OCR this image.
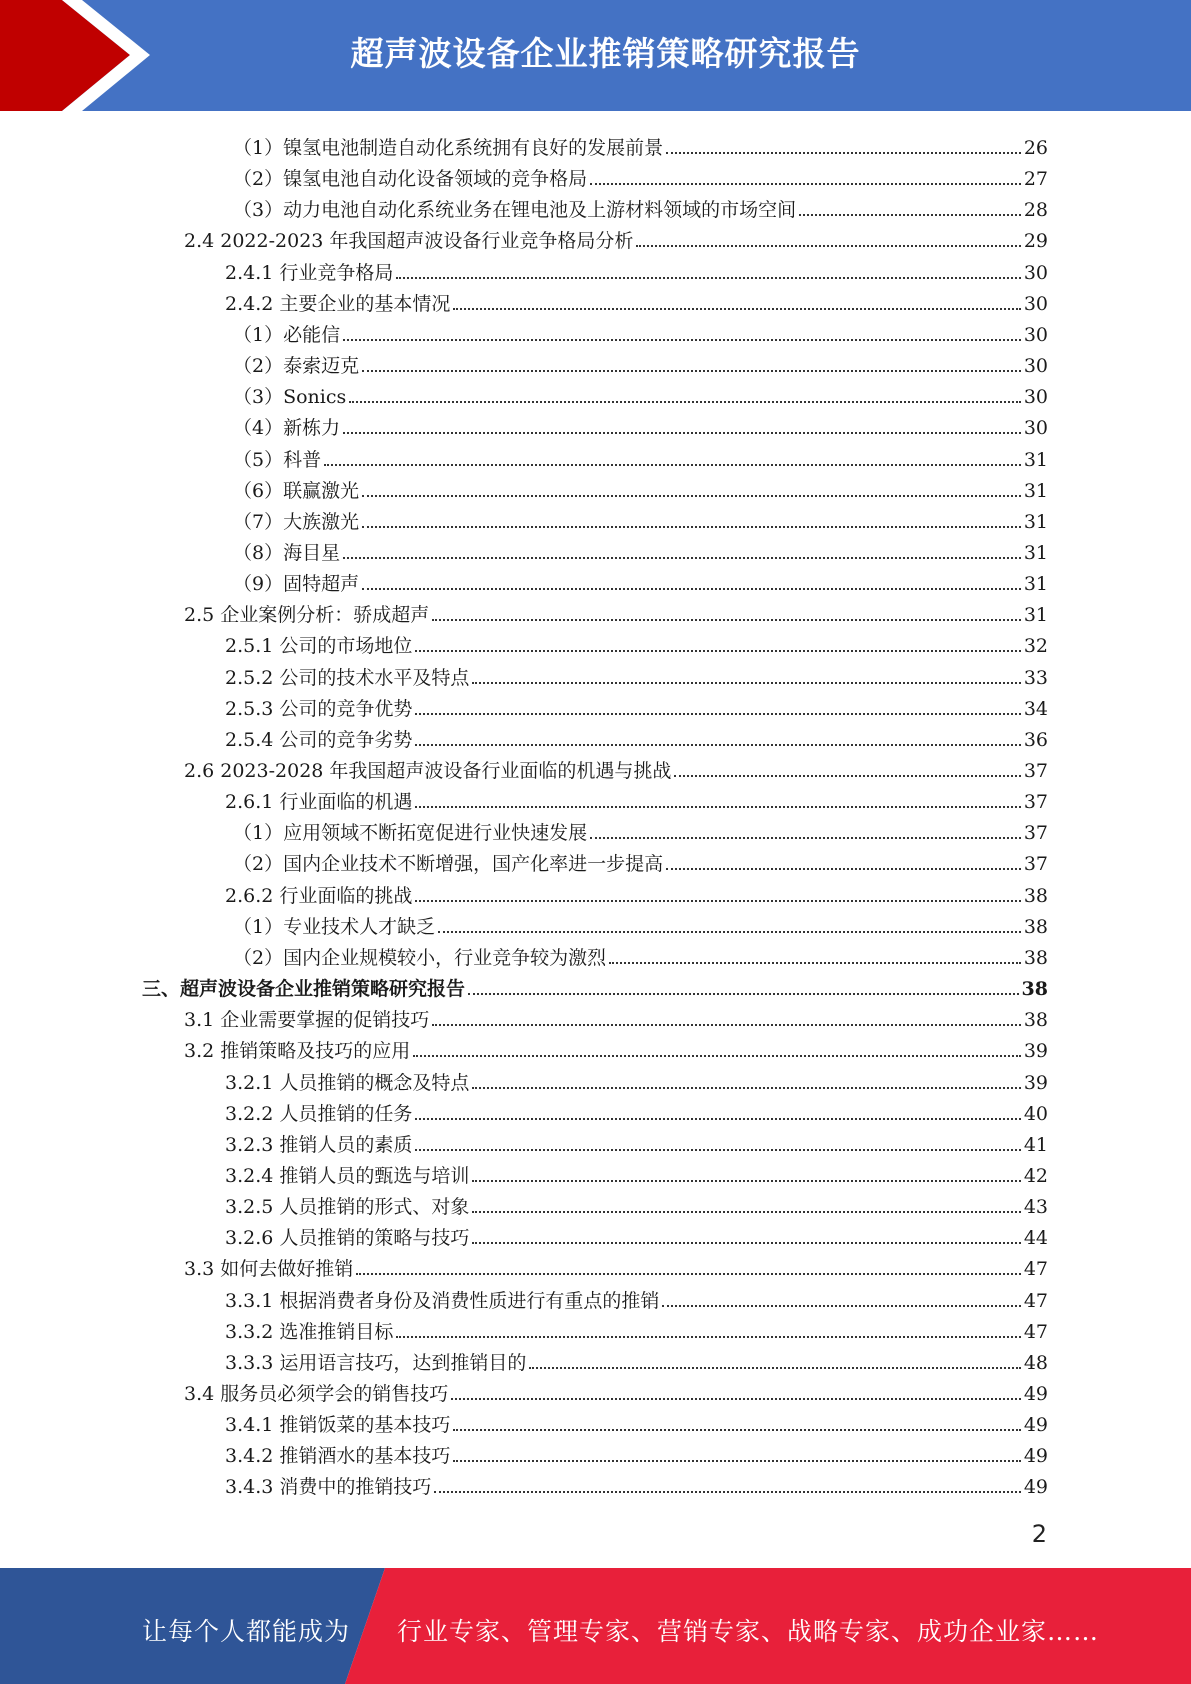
超声波设备企业推销策略研究报告
（1）镍氢电池制造自动化系统拥有良好的发展前景	26
（2）镍氢电池自动化设备领域的竞争格局	27
（3）动力电池自动化系统业务在锂电池及上游材料领域的市场空间	28
2.4 2022-2023 年我国超声波设备行业竞争格局分析	29
2.4.1 行业竞争格局	30
2.4.2 主要企业的基本情况	30
（1）必能信	30
（2）泰索迈克	30
（3）Sonics	30
（4）新栋力	30
（5）科普	31
（6）联赢激光	31
（7）大族激光	31
（8）海目星	31
（9）固特超声	31
2.5 企业案例分析：骄成超声	31
2.5.1 公司的市场地位	32
2.5.2 公司的技术水平及特点	33
2.5.3 公司的竞争优势	34
2.5.4 公司的竞争劣势	36
2.6 2023-2028 年我国超声波设备行业面临的机遇与挑战	37
2.6.1 行业面临的机遇	37
（1）应用领域不断拓宽促进行业快速发展	37
（2）国内企业技术不断增强，国产化率进一步提高	37
2.6.2 行业面临的挑战	38
（1）专业技术人才缺乏	38
（2）国内企业规模较小，行业竞争较为激烈	38
三、超声波设备企业推销策略研究报告	38
3.1 企业需要掌握的促销技巧	38
3.2 推销策略及技巧的应用	39
3.2.1 人员推销的概念及特点	39
3.2.2 人员推销的任务	40
3.2.3 推销人员的素质	41
3.2.4 推销人员的甄选与培训	42
3.2.5 人员推销的形式、对象	43
3.2.6 人员推销的策略与技巧	44
3.3 如何去做好推销	47
3.3.1 根据消费者身份及消费性质进行有重点的推销	47
3.3.2 选准推销目标	47
3.3.3 运用语言技巧，达到推销目的	48
3.4 服务员必须学会的销售技巧	49
3.4.1 推销饭菜的基本技巧	49
3.4.2 推销酒水的基本技巧	49
3.4.3 消费中的推销技巧	49
2
让每个人都能成为 行业专家、管理专家、营销专家、战略专家、成功企业家……
